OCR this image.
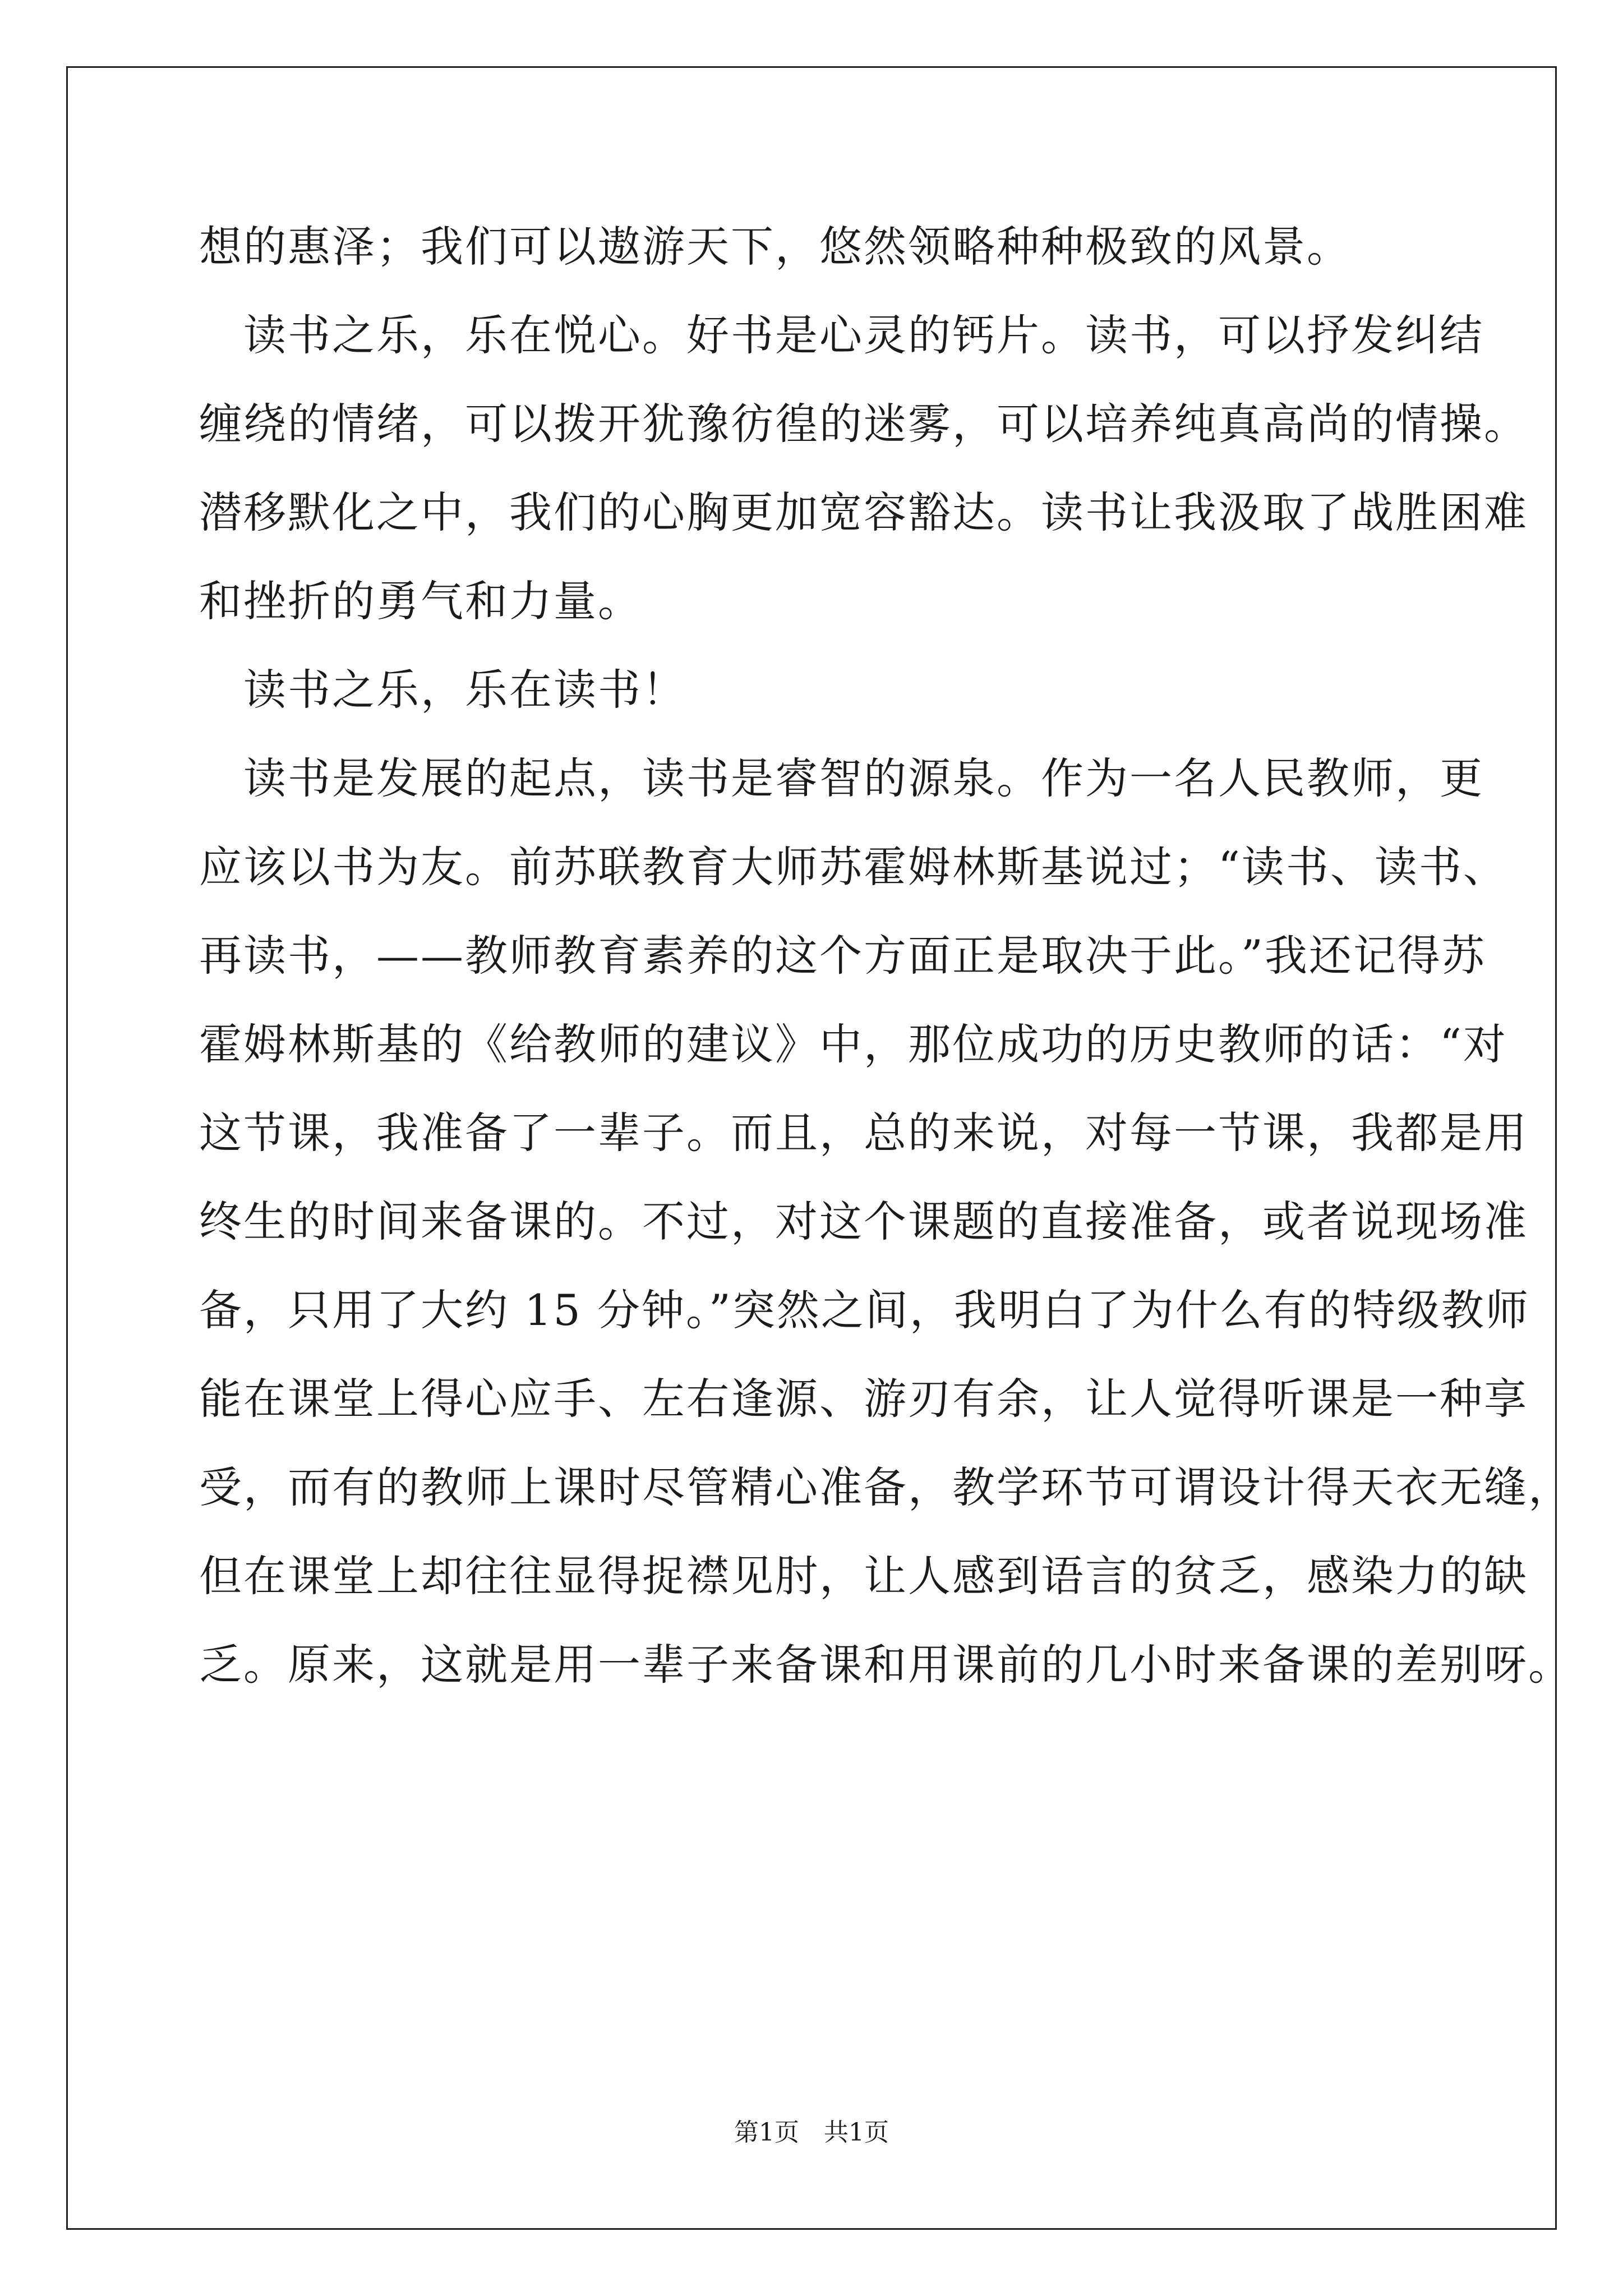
想的惠泽；我们可以遨游天下，悠然领略种种极致的风景。
　读书之乐，乐在悦心。好书是心灵的钙片。读书，可以抒发纠结
缠绕的情绪，可以拨开犹豫彷徨的迷雾，可以培养纯真高尚的情操。
潜移默化之中，我们的心胸更加宽容豁达。读书让我汲取了战胜困难
和挫折的勇气和力量。
　读书之乐，乐在读书！
　读书是发展的起点，读书是睿智的源泉。作为一名人民教师，更
应该以书为友。前苏联教育大师苏霍姆林斯基说过；“读书、读书、
再读书，——教师教育素养的这个方面正是取决于此。”我还记得苏
霍姆林斯基的《给教师的建议》中，那位成功的历史教师的话：“对
这节课，我准备了一辈子。而且，总的来说，对每一节课，我都是用
终生的时间来备课的。不过，对这个课题的直接准备，或者说现场准
备，只用了大约 15 分钟。”突然之间，我明白了为什么有的特级教师
能在课堂上得心应手、左右逢源、游刃有余，让人觉得听课是一种享
受，而有的教师上课时尽管精心准备，教学环节可谓设计得天衣无缝，
但在课堂上却往往显得捉襟见肘，让人感到语言的贫乏，感染力的缺
乏。原来，这就是用一辈子来备课和用课前的几小时来备课的差别呀。
第1页　共1页
